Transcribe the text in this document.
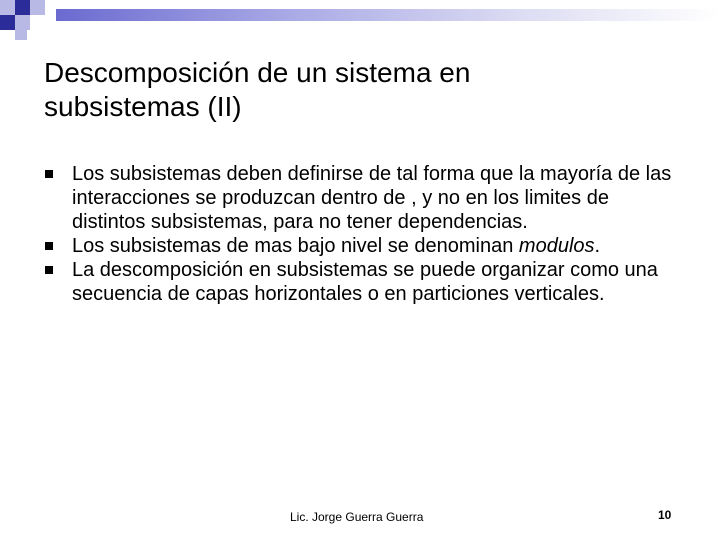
Descomposición de un sistema en
subsistemas (II)
Los subsistemas deben definirse de tal forma que la mayoría de las interacciones se produzcan dentro de , y no en los limites de distintos subsistemas, para no tener dependencias.
Los subsistemas de mas bajo nivel se denominan modulos.
La descomposición en subsistemas se puede organizar como una secuencia de capas horizontales o en particiones verticales.
Lic. Jorge Guerra Guerra	10
